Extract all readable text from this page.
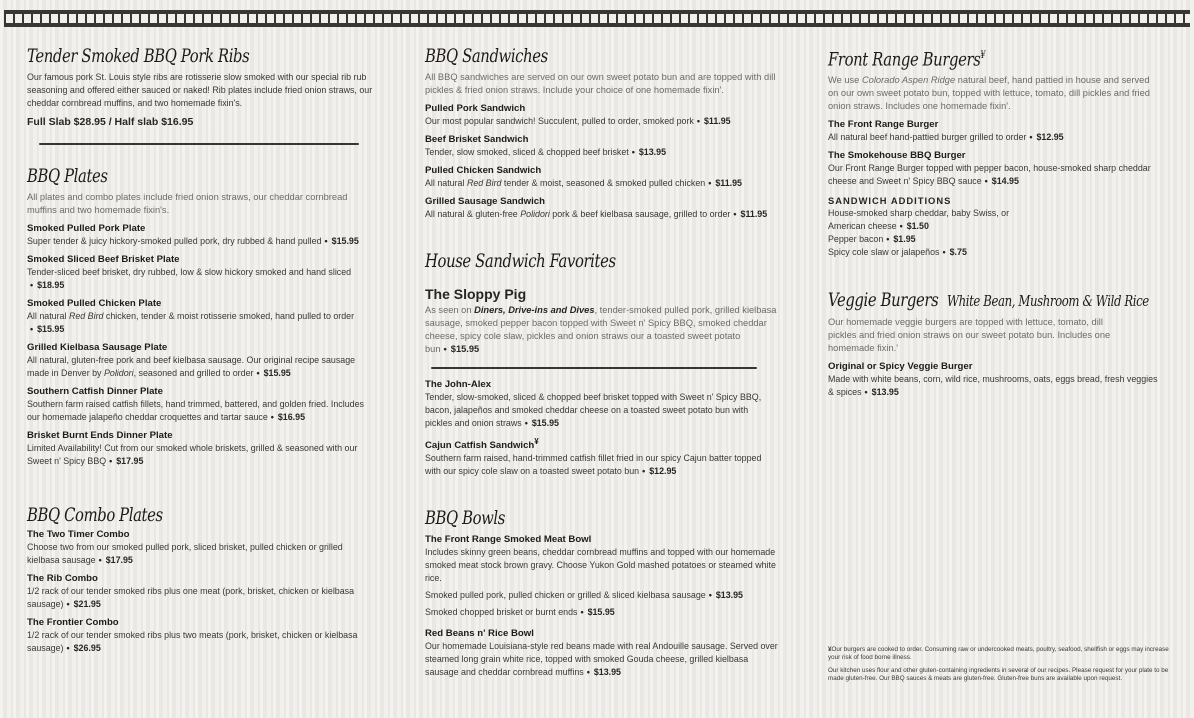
Tender Smoked BBQ Pork Ribs
Our famous pork St. Louis style ribs are rotisserie slow smoked with our special rib rub seasoning and offered either sauced or naked! Rib plates include fried onion straws, our cheddar cornbread muffins, and two homemade fixin's.
Full Slab $28.95 / Half slab $16.95
BBQ Plates
All plates and combo plates include fried onion straws, our cheddar cornbread muffins and two homemade fixin's.
Smoked Pulled Pork Plate
Super tender & juicy hickory-smoked pulled pork, dry rubbed & hand pulled • $15.95
Smoked Sliced Beef Brisket Plate
Tender-sliced beef brisket, dry rubbed, low & slow hickory smoked and hand sliced
• $18.95
Smoked Pulled Chicken Plate
All natural Red Bird chicken, tender & moist rotisserie smoked, hand pulled to order
• $15.95
Grilled Kielbasa Sausage Plate
All natural, gluten-free pork and beef kielbasa sausage. Our original recipe sausage made in Denver by Polidori, seasoned and grilled to order • $15.95
Southern Catfish Dinner Plate
Southern farm raised catfish fillets, hand trimmed, battered, and golden fried. Includes our homemade jalapeño cheddar croquettes and tartar sauce • $16.95
Brisket Burnt Ends Dinner Plate
Limited Availability! Cut from our smoked whole briskets, grilled & seasoned with our Sweet n' Spicy BBQ • $17.95
BBQ Combo Plates
The Two Timer Combo
Choose two from our smoked pulled pork, sliced brisket, pulled chicken or grilled kielbasa sausage • $17.95
The Rib Combo
1/2 rack of our tender smoked ribs plus one meat (pork, brisket, chicken or kielbasa sausage) • $21.95
The Frontier Combo
1/2 rack of our tender smoked ribs plus two meats (pork, brisket, chicken or kielbasa sausage) • $26.95
BBQ Sandwiches
All BBQ sandwiches are served on our own sweet potato bun and are topped with dill pickles & fried onion straws. Include your choice of one homemade fixin'.
Pulled Pork Sandwich
Our most popular sandwich! Succulent, pulled to order, smoked pork • $11.95
Beef Brisket Sandwich
Tender, slow smoked, sliced & chopped beef brisket • $13.95
Pulled Chicken Sandwich
All natural Red Bird tender & moist, seasoned & smoked pulled chicken • $11.95
Grilled Sausage Sandwich
All natural & gluten-free Polidori pork & beef kielbasa sausage, grilled to order • $11.95
House Sandwich Favorites
The Sloppy Pig
As seen on Diners, Drive-ins and Dives, tender-smoked pulled pork, grilled kielbasa sausage, smoked pepper bacon topped with Sweet n' Spicy BBQ, smoked cheddar cheese, spicy cole slaw, pickles and onion straws our a toasted sweet potato bun • $15.95
The John-Alex
Tender, slow-smoked, sliced & chopped beef brisket topped with Sweet n' Spicy BBQ, bacon, jalapeños and smoked cheddar cheese on a toasted sweet potato bun with pickles and onion straws • $15.95
Cajun Catfish Sandwich¥
Southern farm raised, hand-trimmed catfish fillet fried in our spicy Cajun batter topped with our spicy cole slaw on a toasted sweet potato bun • $12.95
BBQ Bowls
The Front Range Smoked Meat Bowl
Includes skinny green beans, cheddar cornbread muffins and topped with our homemade smoked meat stock brown gravy. Choose Yukon Gold mashed potatoes or steamed white rice.
Smoked pulled pork, pulled chicken or grilled & sliced kielbasa sausage • $13.95
Smoked chopped brisket or burnt ends • $15.95
Red Beans n' Rice Bowl
Our homemade Louisiana-style red beans made with real Andouille sausage. Served over steamed long grain white rice, topped with smoked Gouda cheese, grilled kielbasa sausage and cheddar cornbread muffins • $13.95
Front Range Burgers¥
We use Colorado Aspen Ridge natural beef, hand pattied in house and served on our own sweet potato bun, topped with lettuce, tomato, dill pickles and fried onion straws. Includes one homemade fixin'.
The Front Range Burger
All natural beef hand-pattied burger grilled to order • $12.95
The Smokehouse BBQ Burger
Our Front Range Burger topped with pepper bacon, house-smoked sharp cheddar cheese and Sweet n' Spicy BBQ sauce • $14.95
SANDWICH ADDITIONS
House-smoked sharp cheddar, baby Swiss, or American cheese • $1.50
Pepper bacon • $1.95
Spicy cole slaw or jalapeños • $.75
Veggie Burgers White Bean, Mushroom & Wild Rice
Our homemade veggie burgers are topped with lettuce, tomato, dill pickles and fried onion straws on our sweet potato bun. Includes one homemade fixin.'
Original or Spicy Veggie Burger
Made with white beans, corn, wild rice, mushrooms, oats, eggs bread, fresh veggies & spices • $13.95
¥Our burgers are cooked to order. Consuming raw or undercooked meats, poultry, seafood, shellfish or eggs may increase your risk of food borne illness.
Our kitchen uses flour and other gluten-containing ingredients in several of our recipes. Please request for your plate to be made gluten-free. Our BBQ sauces & meats are gluten-free. Gluten-free buns are available upon request.
